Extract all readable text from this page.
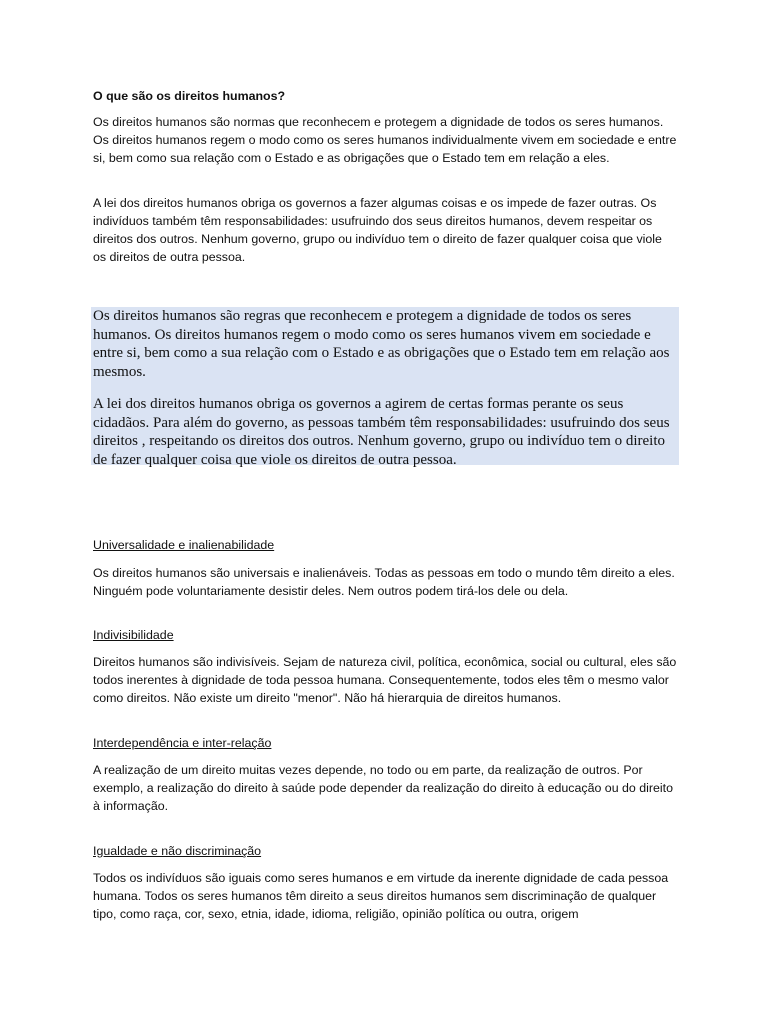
O que são os direitos humanos?

Os direitos humanos são normas que reconhecem e protegem a dignidade de todos os seres humanos. Os direitos humanos regem o modo como os seres humanos individualmente vivem em sociedade e entre si, bem como sua relação com o Estado e as obrigações que o Estado tem em relação a eles.

A lei dos direitos humanos obriga os governos a fazer algumas coisas e os impede de fazer outras. Os indivíduos também têm responsabilidades: usufruindo dos seus direitos humanos, devem respeitar os direitos dos outros. Nenhum governo, grupo ou indivíduo tem o direito de fazer qualquer coisa que viole os direitos de outra pessoa.

Os direitos humanos são regras que reconhecem e protegem a dignidade de todos os seres humanos. Os direitos humanos regem o modo como os seres humanos vivem em sociedade e entre si, bem como a sua relação com o Estado e as obrigações que o Estado tem em relação aos mesmos.

A lei dos direitos humanos obriga os governos a agirem de certas formas perante os seus cidadãos. Para além do governo, as pessoas também têm responsabilidades: usufruindo dos seus direitos , respeitando os direitos dos outros. Nenhum governo, grupo ou indivíduo tem o direito de fazer qualquer coisa que viole os direitos de outra pessoa.

Universalidade e inalienabilidade

Os direitos humanos são universais e inalienáveis. Todas as pessoas em todo o mundo têm direito a eles. Ninguém pode voluntariamente desistir deles. Nem outros podem tirá-los dele ou dela.

Indivisibilidade

Direitos humanos são indivisíveis. Sejam de natureza civil, política, econômica, social ou cultural, eles são todos inerentes à dignidade de toda pessoa humana. Consequentemente, todos eles têm o mesmo valor como direitos. Não existe um direito "menor". Não há hierarquia de direitos humanos.

Interdependência e inter-relação

A realização de um direito muitas vezes depende, no todo ou em parte, da realização de outros. Por exemplo, a realização do direito à saúde pode depender da realização do direito à educação ou do direito à informação.

Igualdade e não discriminação

Todos os indivíduos são iguais como seres humanos e em virtude da inerente dignidade de cada pessoa humana. Todos os seres humanos têm direito a seus direitos humanos sem discriminação de qualquer tipo, como raça, cor, sexo, etnia, idade, idioma, religião, opinião política ou outra, origem
